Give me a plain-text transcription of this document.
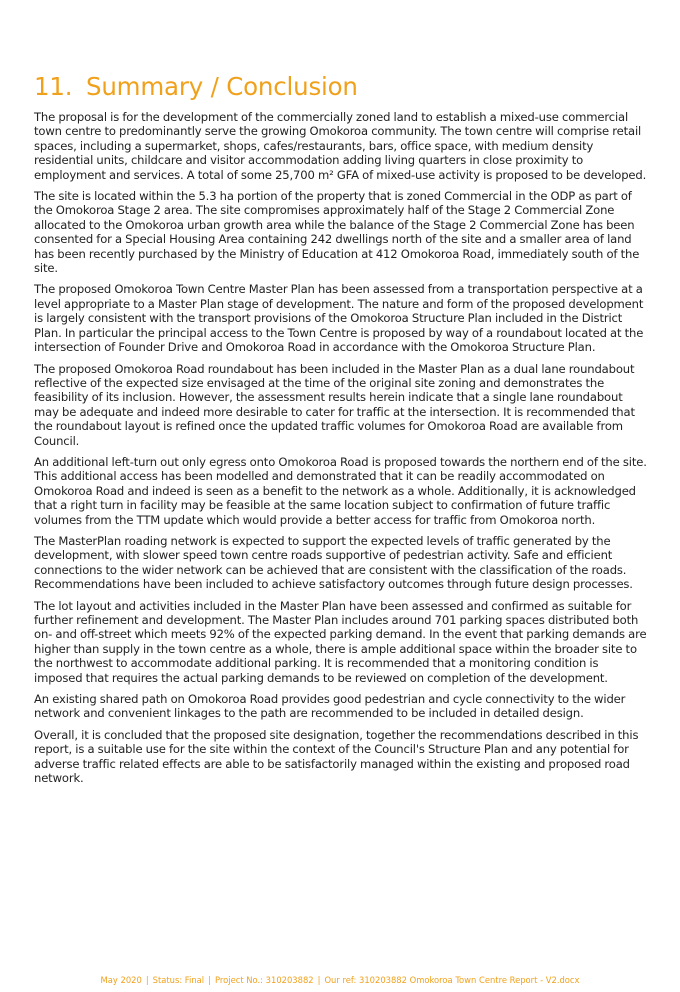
11. Summary / Conclusion

The proposal is for the development of the commercially zoned land to establish a mixed-use commercial town centre to predominantly serve the growing Omokoroa community. The town centre will comprise retail spaces, including a supermarket, shops, cafes/restaurants, bars, office space, with medium density residential units, childcare and visitor accommodation adding living quarters in close proximity to employment and services. A total of some 25,700 m² GFA of mixed-use activity is proposed to be developed.

The site is located within the 5.3 ha portion of the property that is zoned Commercial in the ODP as part of the Omokoroa Stage 2 area. The site compromises approximately half of the Stage 2 Commercial Zone allocated to the Omokoroa urban growth area while the balance of the Stage 2 Commercial Zone has been consented for a Special Housing Area containing 242 dwellings north of the site and a smaller area of land has been recently purchased by the Ministry of Education at 412 Omokoroa Road, immediately south of the site.

The proposed Omokoroa Town Centre Master Plan has been assessed from a transportation perspective at a level appropriate to a Master Plan stage of development. The nature and form of the proposed development is largely consistent with the transport provisions of the Omokoroa Structure Plan included in the District Plan. In particular the principal access to the Town Centre is proposed by way of a roundabout located at the intersection of Founder Drive and Omokoroa Road in accordance with the Omokoroa Structure Plan.

The proposed Omokoroa Road roundabout has been included in the Master Plan as a dual lane roundabout reflective of the expected size envisaged at the time of the original site zoning and demonstrates the feasibility of its inclusion. However, the assessment results herein indicate that a single lane roundabout may be adequate and indeed more desirable to cater for traffic at the intersection. It is recommended that the roundabout layout is refined once the updated traffic volumes for Omokoroa Road are available from Council.

An additional left-turn out only egress onto Omokoroa Road is proposed towards the northern end of the site. This additional access has been modelled and demonstrated that it can be readily accommodated on Omokoroa Road and indeed is seen as a benefit to the network as a whole. Additionally, it is acknowledged that a right turn in facility may be feasible at the same location subject to confirmation of future traffic volumes from the TTM update which would provide a better access for traffic from Omokoroa north.

The MasterPlan roading network is expected to support the expected levels of traffic generated by the development, with slower speed town centre roads supportive of pedestrian activity. Safe and efficient connections to the wider network can be achieved that are consistent with the classification of the roads. Recommendations have been included to achieve satisfactory outcomes through future design processes.

The lot layout and activities included in the Master Plan have been assessed and confirmed as suitable for further refinement and development. The Master Plan includes around 701 parking spaces distributed both on- and off-street which meets 92% of the expected parking demand. In the event that parking demands are higher than supply in the town centre as a whole, there is ample additional space within the broader site to the northwest to accommodate additional parking. It is recommended that a monitoring condition is imposed that requires the actual parking demands to be reviewed on completion of the development.

An existing shared path on Omokoroa Road provides good pedestrian and cycle connectivity to the wider network and convenient linkages to the path are recommended to be included in detailed design.

Overall, it is concluded that the proposed site designation, together the recommendations described in this report, is a suitable use for the site within the context of the Council's Structure Plan and any potential for adverse traffic related effects are able to be satisfactorily managed within the existing and proposed road network.

May 2020 | Status: Final | Project No.: 310203882 | Our ref: 310203882 Omokoroa Town Centre Report - V2.docx
